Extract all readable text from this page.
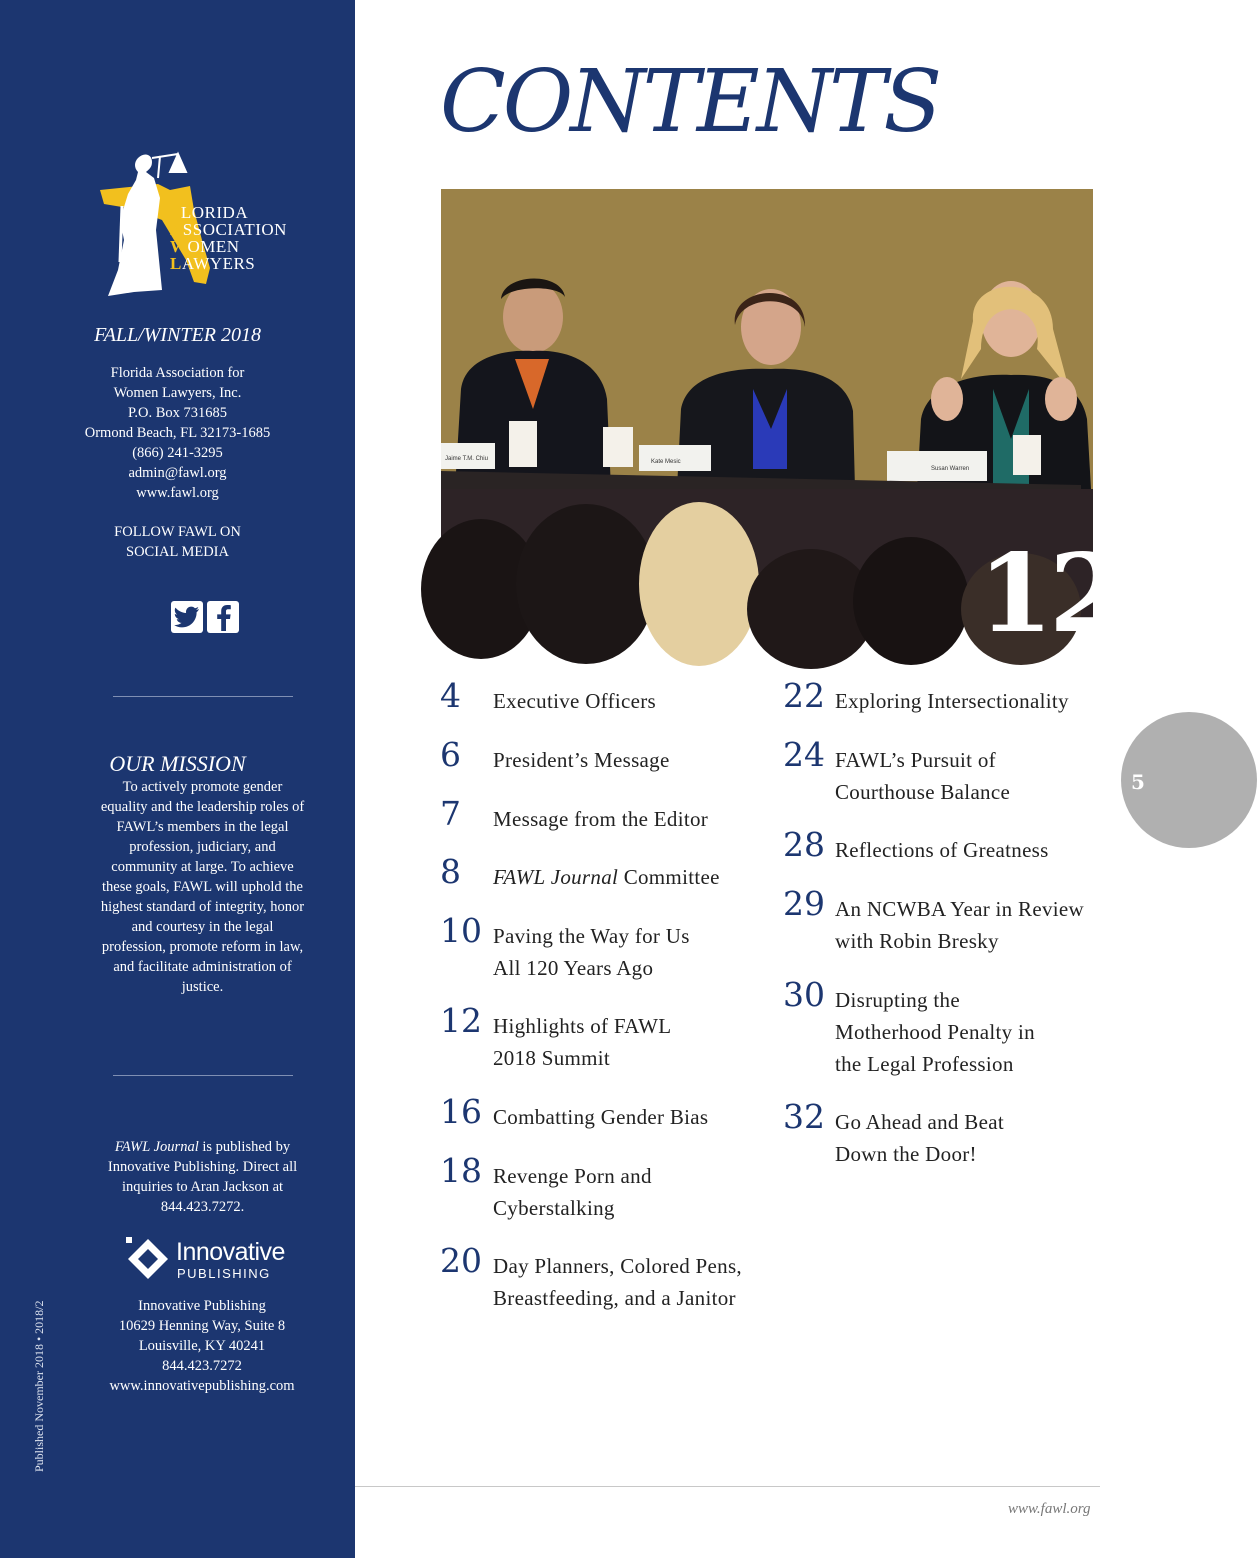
FLORIDA
ASSOCIATION
WOMEN
LAWYERS
FALL/WINTER 2018
Florida Association for
Women Lawyers, Inc.
P.O. Box 731685
Ormond Beach, FL 32173-1685
(866) 241-3295
admin@fawl.org
www.fawl.org
FOLLOW FAWL ON
SOCIAL MEDIA
OUR MISSION
To actively promote gender equality and the leadership roles of FAWL’s members in the legal profession, judiciary, and community at large. To achieve these goals, FAWL will uphold the highest standard of integrity, honor and courtesy in the legal profession, promote reform in law, and facilitate administration of justice.
FAWL Journal is published by Innovative Publishing. Direct all inquiries to Aran Jackson at 844.423.7272.
Innovative
PUBLISHING
Innovative Publishing
10629 Henning Way, Suite 8
Louisville, KY 40241
844.423.7272
www.innovativepublishing.com
Published November 2018 • 2018/2
CONTENTS
Jaime T.M. Chiu	Kate Mesic
Susan Warren
12
4 Executive Officers
6 President’s Message
7 Message from the Editor
8 FAWL Journal Committee
10 Paving the Way for Us
All 120 Years Ago
12 Highlights of FAWL
2018 Summit
16 Combatting Gender Bias
18 Revenge Porn and
Cyberstalking
20 Day Planners, Colored Pens,
Breastfeeding, and a Janitor
22 Exploring Intersectionality
24 FAWL’s Pursuit of
Courthouse Balance
28 Reflections of Greatness
29 An NCWBA Year in Review
with Robin Bresky
30 Disrupting the
Motherhood Penalty in
the Legal Profession
32 Go Ahead and Beat
Down the Door!
5
www.fawl.org
